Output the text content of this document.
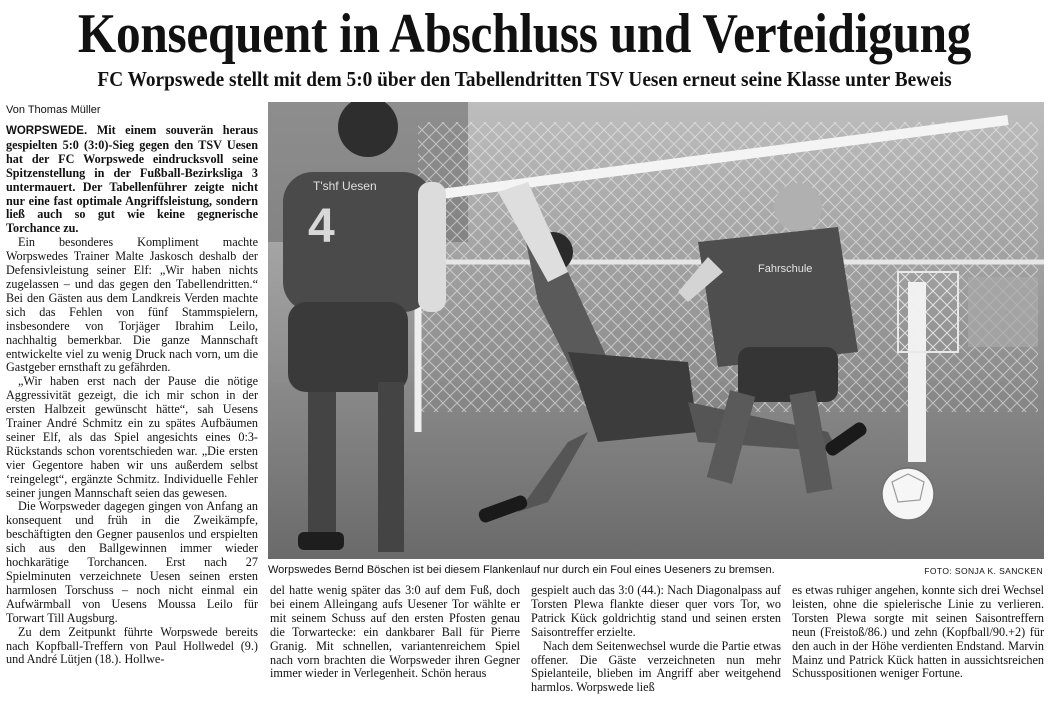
Konsequent in Abschluss und Verteidigung
FC Worpswede stellt mit dem 5:0 über den Tabellendritten TSV Uesen erneut seine Klasse unter Beweis
Von Thomas Müller
T'shf Uesen
4
Fahrschule
Worpswedes Bernd Böschen ist bei diesem Flankenlauf nur durch ein Foul eines Ueseners zu bremsen.	FOTO: SONJA K. SANCKEN

WORPSWEDE. Mit einem souverän heraus gespielten 5:0 (3:0)-Sieg gegen den TSV Uesen hat der FC Worpswede eindrucksvoll seine Spitzenstellung in der Fußball-Bezirksliga 3 untermauert. Der Tabellenführer zeigte nicht nur eine fast optimale Angriffsleistung, sondern ließ auch so gut wie keine gegnerische Torchance zu.

Ein besonderes Kompliment machte Worpswedes Trainer Malte Jaskosch deshalb der Defensivleistung seiner Elf: „Wir haben nichts zugelassen – und das gegen den Tabellendritten.“ Bei den Gästen aus dem Landkreis Verden machte sich das Fehlen von fünf Stammspielern, insbesondere von Torjäger Ibrahim Leilo, nachhaltig bemerkbar. Die ganze Mannschaft entwickelte viel zu wenig Druck nach vorn, um die Gastgeber ernsthaft zu gefährden.

„Wir haben erst nach der Pause die nötige Aggressivität gezeigt, die ich mir schon in der ersten Halbzeit gewünscht hätte“, sah Uesens Trainer André Schmitz ein zu spätes Aufbäumen seiner Elf, als das Spiel angesichts eines 0:3-Rückstands schon vorentschieden war. „Die ersten vier Gegentore haben wir uns außerdem selbst ‘reingelegt“, ergänzte Schmitz. Individuelle Fehler seiner jungen Mannschaft seien das gewesen.

Die Worpsweder dagegen gingen von Anfang an konsequent und früh in die Zweikämpfe, beschäftigten den Gegner pausenlos und erspielten sich aus den Ballgewinnen immer wieder hochkarätige Torchancen. Erst nach 27 Spielminuten verzeichnete Uesen seinen ersten harmlosen Torschuss – noch nicht einmal ein Aufwärmball von Uesens Moussa Leilo für Torwart Till Augsburg.

Zu dem Zeitpunkt führte Worpswede bereits nach Kopfball-Treffern von Paul Hollwedel (9.) und André Lütjen (18.). Hollwe-

del hatte wenig später das 3:0 auf dem Fuß, doch bei einem Alleingang aufs Uesener Tor wählte er mit seinem Schuss auf den ersten Pfosten genau die Torwartecke: ein dankbarer Ball für Pierre Granig. Mit schnellen, variantenreichem Spiel nach vorn brachten die Worpsweder ihren Gegner immer wieder in Verlegenheit. Schön heraus

gespielt auch das 3:0 (44.): Nach Diagonalpass auf Torsten Plewa flankte dieser quer vors Tor, wo Patrick Kück goldrichtig stand und seinen ersten Saisontreffer erzielte.

Nach dem Seitenwechsel wurde die Partie etwas offener. Die Gäste verzeichneten nun mehr Spielanteile, blieben im Angriff aber weitgehend harmlos. Worpswede ließ

es etwas ruhiger angehen, konnte sich drei Wechsel leisten, ohne die spielerische Linie zu verlieren. Torsten Plewa sorgte mit seinen Saisontreffern neun (Freistoß/86.) und zehn (Kopfball/90.+2) für den auch in der Höhe verdienten Endstand. Marvin Mainz und Patrick Kück hatten in aussichtsreichen Schusspositionen weniger Fortune.
